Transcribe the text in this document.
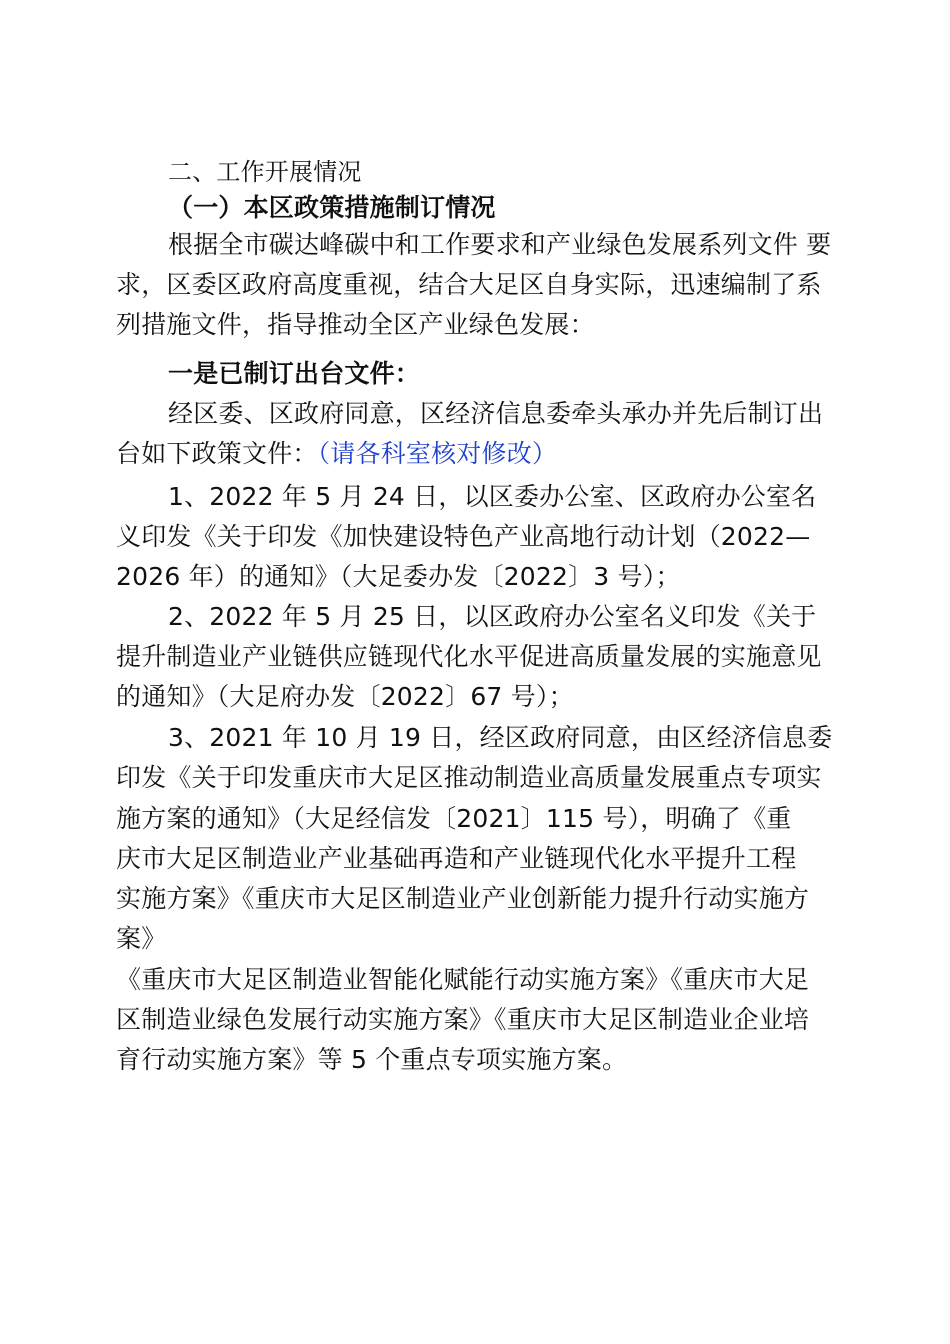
二、工作开展情况
（一）本区政策措施制订情况
根据全市碳达峰碳中和工作要求和产业绿色发展系列文件 要
求，区委区政府高度重视，结合大足区自身实际，迅速编制了系
列措施文件，指导推动全区产业绿色发展：
一是已制订出台文件：
经区委、区政府同意，区经济信息委牵头承办并先后制订出
台如下政策文件：（请各科室核对修改）
1、2022 年 5 月 24 日，以区委办公室、区政府办公室名
义印发《关于印发《加快建设特色产业高地行动计划（2022—
2026 年）的通知》（大足委办发〔2022〕3 号）；
2、2022 年 5 月 25 日，以区政府办公室名义印发《关于
提升制造业产业链供应链现代化水平促进高质量发展的实施意见
的通知》（大足府办发〔2022〕67 号）；
3、2021 年 10 月 19 日，经区政府同意，由区经济信息委
印发《关于印发重庆市大足区推动制造业高质量发展重点专项实
施方案的通知》（大足经信发〔2021〕115 号），明确了《重
庆市大足区制造业产业基础再造和产业链现代化水平提升工程
实施方案》《重庆市大足区制造业产业创新能力提升行动实施方
案》
《重庆市大足区制造业智能化赋能行动实施方案》《重庆市大足
区制造业绿色发展行动实施方案》《重庆市大足区制造业企业培
育行动实施方案》等 5 个重点专项实施方案。
